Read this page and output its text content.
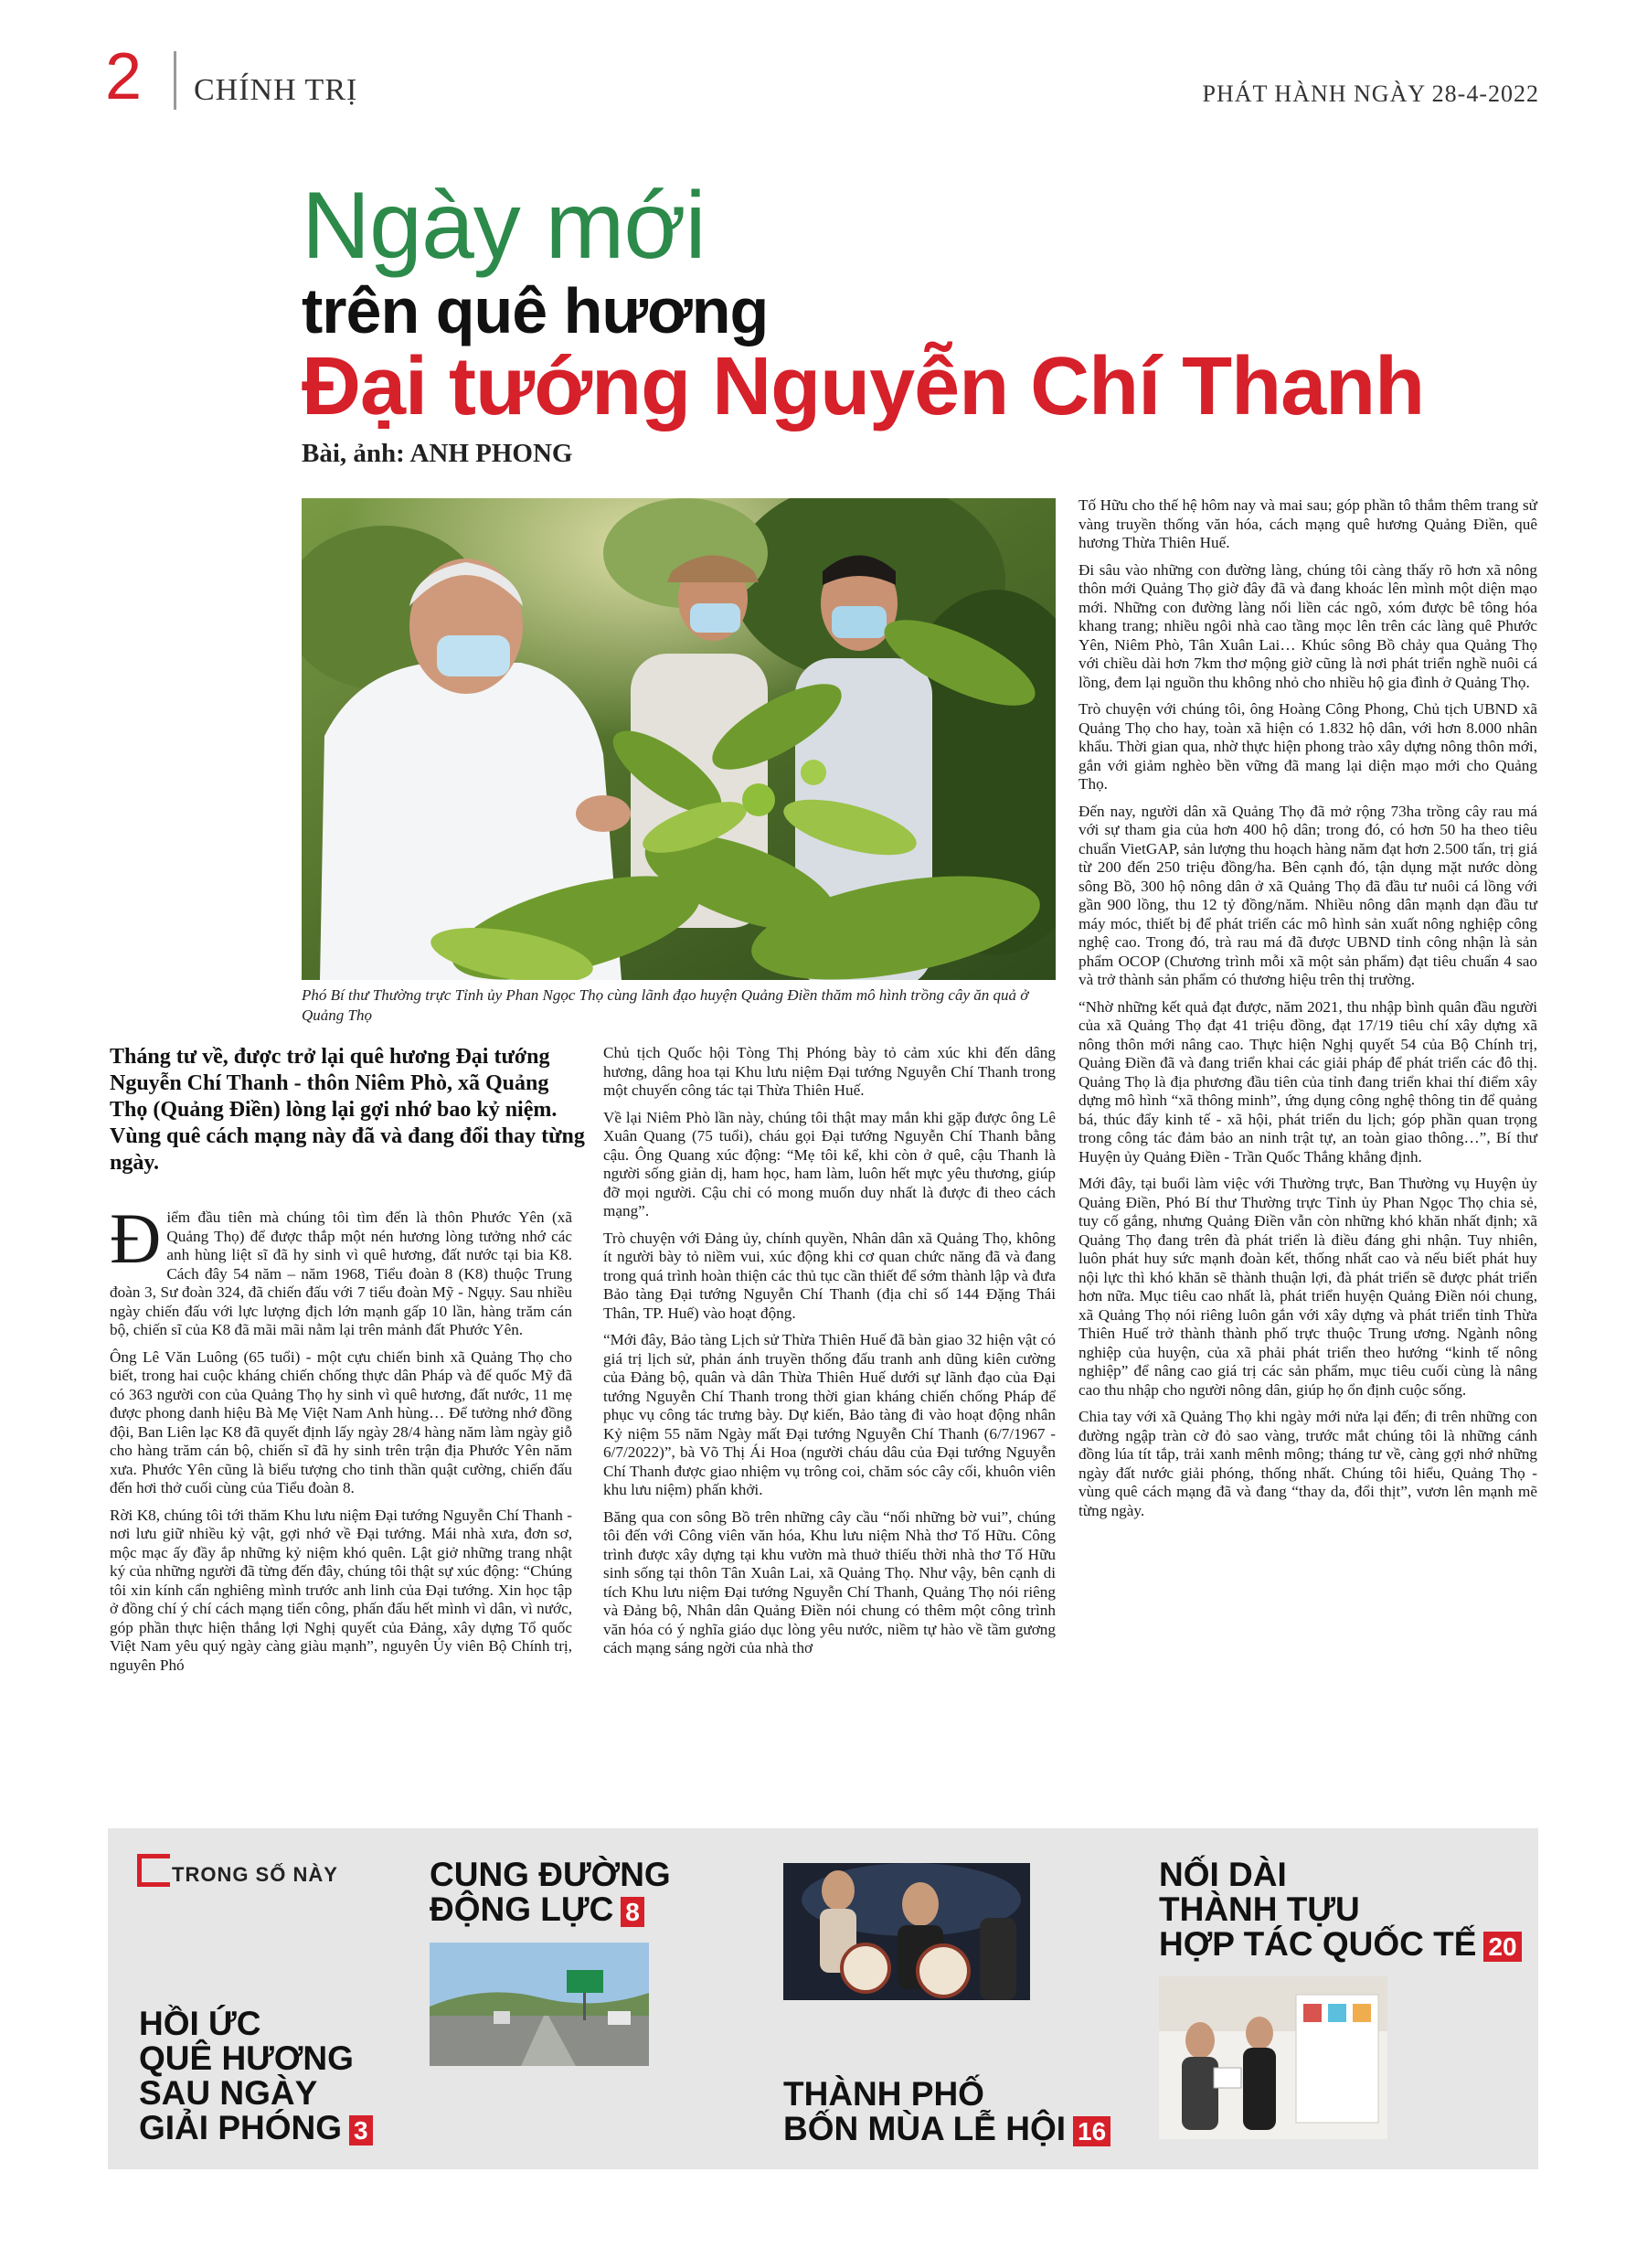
2 CHÍNH TRỊ	PHÁT HÀNH NGÀY 28-4-2022
Ngày mới
trên quê hương
Đại tướng Nguyễn Chí Thanh
Bài, ảnh: ANH PHONG
Phó Bí thư Thường trực Tỉnh ủy Phan Ngọc Thọ cùng lãnh đạo huyện Quảng Điền thăm mô hình trồng cây ăn quả ở Quảng Thọ
Tháng tư về, được trở lại quê hương Đại tướng Nguyễn Chí Thanh - thôn Niêm Phò, xã Quảng Thọ (Quảng Điền) lòng lại gợi nhớ bao kỷ niệm. Vùng quê cách mạng này đã và đang đổi thay từng ngày.

Điểm đầu tiên mà chúng tôi tìm đến là thôn Phước Yên (xã Quảng Thọ) để được thắp một nén hương lòng tưởng nhớ các anh hùng liệt sĩ đã hy sinh vì quê hương, đất nước tại bia K8. Cách đây 54 năm – năm 1968, Tiểu đoàn 8 (K8) thuộc Trung đoàn 3, Sư đoàn 324, đã chiến đấu với 7 tiểu đoàn Mỹ - Ngụy. Sau nhiều ngày chiến đấu với lực lượng địch lớn mạnh gấp 10 lần, hàng trăm cán bộ, chiến sĩ của K8 đã mãi mãi nằm lại trên mảnh đất Phước Yên.

Ông Lê Văn Luông (65 tuổi) - một cựu chiến binh xã Quảng Thọ cho biết, trong hai cuộc kháng chiến chống thực dân Pháp và đế quốc Mỹ đã có 363 người con của Quảng Thọ hy sinh vì quê hương, đất nước, 11 mẹ được phong danh hiệu Bà Mẹ Việt Nam Anh hùng… Để tưởng nhớ đồng đội, Ban Liên lạc K8 đã quyết định lấy ngày 28/4 hàng năm làm ngày giỗ cho hàng trăm cán bộ, chiến sĩ đã hy sinh trên trận địa Phước Yên năm xưa. Phước Yên cũng là biểu tượng cho tinh thần quật cường, chiến đấu đến hơi thở cuối cùng của Tiểu đoàn 8.

Rời K8, chúng tôi tới thăm Khu lưu niệm Đại tướng Nguyễn Chí Thanh - nơi lưu giữ nhiều kỷ vật, gợi nhớ về Đại tướng. Mái nhà xưa, đơn sơ, mộc mạc ấy đầy ắp những kỷ niệm khó quên. Lật giở những trang nhật ký của những người đã từng đến đây, chúng tôi thật sự xúc động: “Chúng tôi xin kính cẩn nghiêng mình trước anh linh của Đại tướng. Xin học tập ở đồng chí ý chí cách mạng tiến công, phấn đấu hết mình vì dân, vì nước, góp phần thực hiện thắng lợi Nghị quyết của Đảng, xây dựng Tổ quốc Việt Nam yêu quý ngày càng giàu mạnh”, nguyên Ủy viên Bộ Chính trị, nguyên Phó

Chủ tịch Quốc hội Tòng Thị Phóng bày tỏ cảm xúc khi đến dâng hương, dâng hoa tại Khu lưu niệm Đại tướng Nguyễn Chí Thanh trong một chuyến công tác tại Thừa Thiên Huế.

Về lại Niêm Phò lần này, chúng tôi thật may mắn khi gặp được ông Lê Xuân Quang (75 tuổi), cháu gọi Đại tướng Nguyễn Chí Thanh bằng cậu. Ông Quang xúc động: “Mẹ tôi kể, khi còn ở quê, cậu Thanh là người sống giản dị, ham học, ham làm, luôn hết mực yêu thương, giúp đỡ mọi người. Cậu chỉ có mong muốn duy nhất là được đi theo cách mạng”.

Trò chuyện với Đảng ủy, chính quyền, Nhân dân xã Quảng Thọ, không ít người bày tỏ niềm vui, xúc động khi cơ quan chức năng đã và đang trong quá trình hoàn thiện các thủ tục cần thiết để sớm thành lập và đưa Bảo tàng Đại tướng Nguyễn Chí Thanh (địa chỉ số 144 Đặng Thái Thân, TP. Huế) vào hoạt động.

“Mới đây, Bảo tàng Lịch sử Thừa Thiên Huế đã bàn giao 32 hiện vật có giá trị lịch sử, phản ánh truyền thống đấu tranh anh dũng kiên cường của Đảng bộ, quân và dân Thừa Thiên Huế dưới sự lãnh đạo của Đại tướng Nguyễn Chí Thanh trong thời gian kháng chiến chống Pháp để phục vụ công tác trưng bày. Dự kiến, Bảo tàng đi vào hoạt động nhân Kỷ niệm 55 năm Ngày mất Đại tướng Nguyễn Chí Thanh (6/7/1967 - 6/7/2022)”, bà Võ Thị Ái Hoa (người cháu dâu của Đại tướng Nguyễn Chí Thanh được giao nhiệm vụ trông coi, chăm sóc cây cối, khuôn viên khu lưu niệm) phấn khởi.

Băng qua con sông Bồ trên những cây cầu “nối những bờ vui”, chúng tôi đến với Công viên văn hóa, Khu lưu niệm Nhà thơ Tố Hữu. Công trình được xây dựng tại khu vườn mà thuở thiếu thời nhà thơ Tố Hữu sinh sống tại thôn Tân Xuân Lai, xã Quảng Thọ. Như vậy, bên cạnh di tích Khu lưu niệm Đại tướng Nguyễn Chí Thanh, Quảng Thọ nói riêng và Đảng bộ, Nhân dân Quảng Điền nói chung có thêm một công trình văn hóa có ý nghĩa giáo dục lòng yêu nước, niềm tự hào về tầm gương cách mạng sáng ngời của nhà thơ

Tố Hữu cho thế hệ hôm nay và mai sau; góp phần tô thắm thêm trang sử vàng truyền thống văn hóa, cách mạng quê hương Quảng Điền, quê hương Thừa Thiên Huế.

Đi sâu vào những con đường làng, chúng tôi càng thấy rõ hơn xã nông thôn mới Quảng Thọ giờ đây đã và đang khoác lên mình một diện mạo mới. Những con đường làng nối liền các ngõ, xóm được bê tông hóa khang trang; nhiều ngôi nhà cao tầng mọc lên trên các làng quê Phước Yên, Niêm Phò, Tân Xuân Lai… Khúc sông Bồ chảy qua Quảng Thọ với chiều dài hơn 7km thơ mộng giờ cũng là nơi phát triển nghề nuôi cá lồng, đem lại nguồn thu không nhỏ cho nhiều hộ gia đình ở Quảng Thọ.

Trò chuyện với chúng tôi, ông Hoàng Công Phong, Chủ tịch UBND xã Quảng Thọ cho hay, toàn xã hiện có 1.832 hộ dân, với hơn 8.000 nhân khẩu. Thời gian qua, nhờ thực hiện phong trào xây dựng nông thôn mới, gắn với giảm nghèo bền vững đã mang lại diện mạo mới cho Quảng Thọ.

Đến nay, người dân xã Quảng Thọ đã mở rộng 73ha trồng cây rau má với sự tham gia của hơn 400 hộ dân; trong đó, có hơn 50 ha theo tiêu chuẩn VietGAP, sản lượng thu hoạch hàng năm đạt hơn 2.500 tấn, trị giá từ 200 đến 250 triệu đồng/ha. Bên cạnh đó, tận dụng mặt nước dòng sông Bồ, 300 hộ nông dân ở xã Quảng Thọ đã đầu tư nuôi cá lồng với gần 900 lồng, thu 12 tỷ đồng/năm. Nhiều nông dân mạnh dạn đầu tư máy móc, thiết bị để phát triển các mô hình sản xuất nông nghiệp công nghệ cao. Trong đó, trà rau má đã được UBND tỉnh công nhận là sản phẩm OCOP (Chương trình mỗi xã một sản phẩm) đạt tiêu chuẩn 4 sao và trở thành sản phẩm có thương hiệu trên thị trường.

“Nhờ những kết quả đạt được, năm 2021, thu nhập bình quân đầu người của xã Quảng Thọ đạt 41 triệu đồng, đạt 17/19 tiêu chí xây dựng xã nông thôn mới nâng cao. Thực hiện Nghị quyết 54 của Bộ Chính trị, Quảng Điền đã và đang triển khai các giải pháp để phát triển các đô thị. Quảng Thọ là địa phương đầu tiên của tỉnh đang triển khai thí điểm xây dựng mô hình “xã thông minh”, ứng dụng công nghệ thông tin để quảng bá, thúc đẩy kinh tế - xã hội, phát triển du lịch; góp phần quan trọng trong công tác đảm bảo an ninh trật tự, an toàn giao thông…”, Bí thư Huyện ủy Quảng Điền - Trần Quốc Thắng khẳng định.

Mới đây, tại buổi làm việc với Thường trực, Ban Thường vụ Huyện ủy Quảng Điền, Phó Bí thư Thường trực Tỉnh ủy Phan Ngọc Thọ chia sẻ, tuy cố gắng, nhưng Quảng Điền vẫn còn những khó khăn nhất định; xã Quảng Thọ đang trên đà phát triển là điều đáng ghi nhận. Tuy nhiên, luôn phát huy sức mạnh đoàn kết, thống nhất cao và nếu biết phát huy nội lực thì khó khăn sẽ thành thuận lợi, đà phát triển sẽ được phát triển hơn nữa. Mục tiêu cao nhất là, phát triển huyện Quảng Điền nói chung, xã Quảng Thọ nói riêng luôn gắn với xây dựng và phát triển tỉnh Thừa Thiên Huế trở thành thành phố trực thuộc Trung ương. Ngành nông nghiệp của huyện, của xã phải phát triển theo hướng “kinh tế nông nghiệp” để nâng cao giá trị các sản phẩm, mục tiêu cuối cùng là nâng cao thu nhập cho người nông dân, giúp họ ổn định cuộc sống.

Chia tay với xã Quảng Thọ khi ngày mới nửa lại đến; đi trên những con đường ngập tràn cờ đỏ sao vàng, trước mắt chúng tôi là những cánh đồng lúa tít tắp, trải xanh mênh mông; tháng tư về, càng gợi nhớ những ngày đất nước giải phóng, thống nhất. Chúng tôi hiểu, Quảng Thọ - vùng quê cách mạng đã và đang “thay da, đổi thịt”, vươn lên mạnh mẽ từng ngày.

TRONG SỐ NÀY
HỒI ỨC
QUÊ HƯƠNG
SAU NGÀY
GIẢI PHÓNG 3
CUNG ĐƯỜNG
ĐỘNG LỰC 8
THÀNH PHỐ
BỐN MÙA LỄ HỘI 16
NỐI DÀI
THÀNH TỰU
HỢP TÁC QUỐC TẾ 20
